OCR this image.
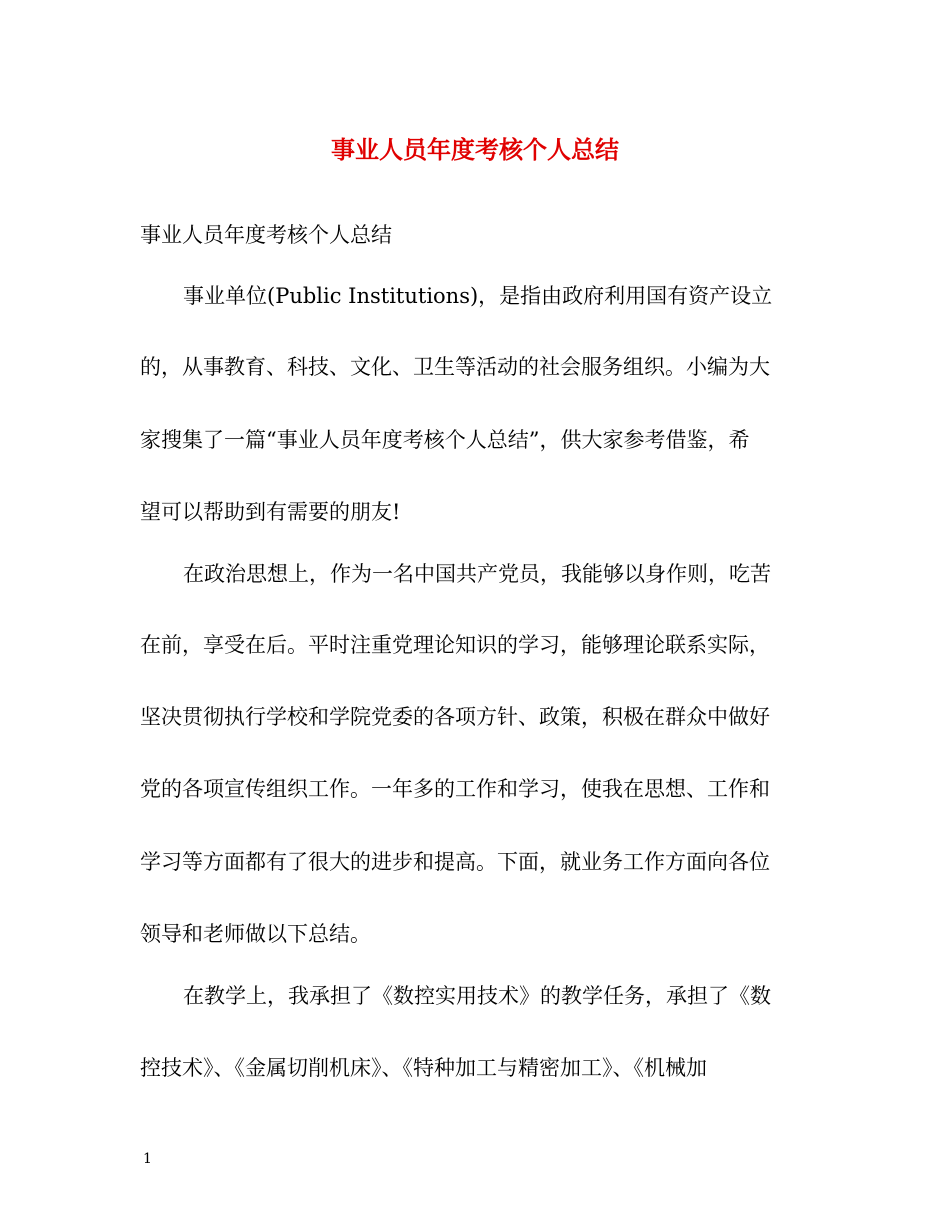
事业人员年度考核个人总结

事业人员年度考核个人总结

事业单位(Public Institutions)，是指由政府利用国有资产设立

的，从事教育、科技、文化、卫生等活动的社会服务组织。小编为大

家搜集了一篇“事业人员年度考核个人总结”，供大家参考借鉴，希

望可以帮助到有需要的朋友!

在政治思想上，作为一名中国共产党员，我能够以身作则，吃苦

在前，享受在后。平时注重党理论知识的学习，能够理论联系实际，

坚决贯彻执行学校和学院党委的各项方针、政策，积极在群众中做好

党的各项宣传组织工作。一年多的工作和学习，使我在思想、工作和

学习等方面都有了很大的进步和提高。下面，就业务工作方面向各位

领导和老师做以下总结。

在教学上，我承担了《数控实用技术》的教学任务，承担了《数

控技术》、《金属切削机床》、《特种加工与精密加工》、《机械加

1
